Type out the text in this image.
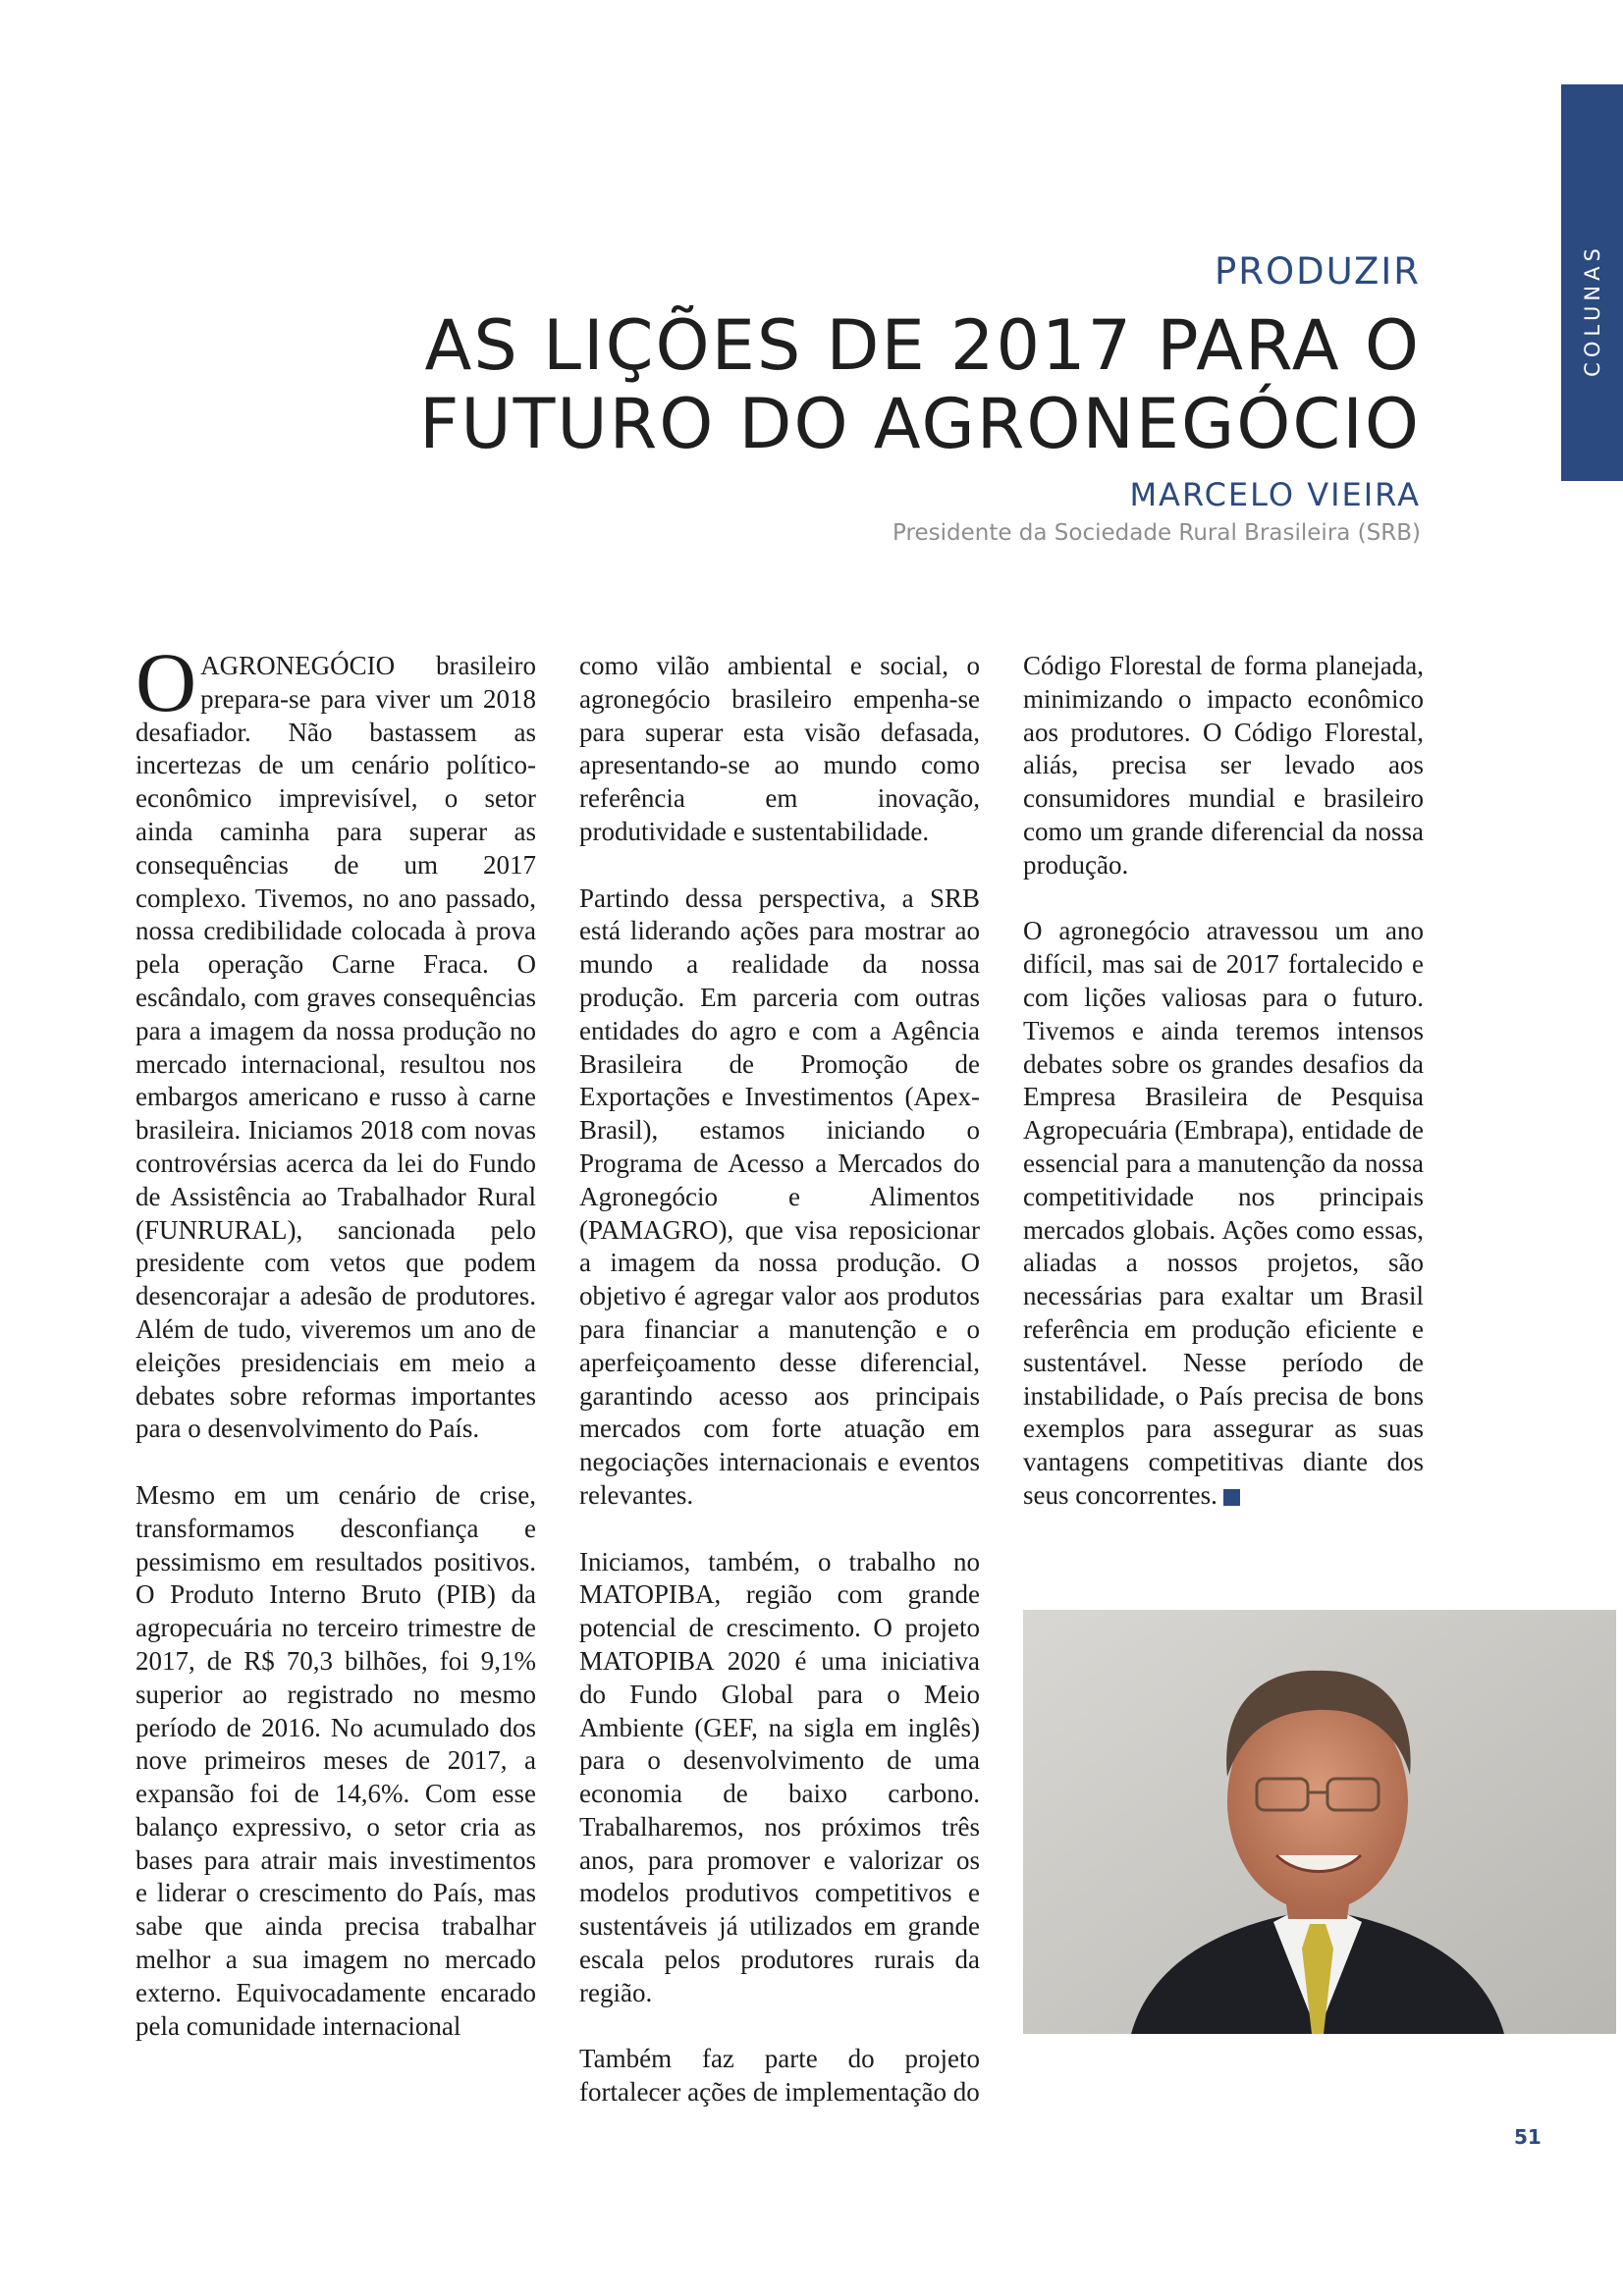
COLUNAS
PRODUZIR
AS LIÇÕES DE 2017 PARA O
FUTURO DO AGRONEGÓCIO
MARCELO VIEIRA
Presidente da Sociedade Rural Brasileira (SRB)

OAGRONEGÓCIO brasileiro prepara-se para viver um 2018 desafiador. Não bastassem as incertezas de um cenário político-econômico imprevisível, o setor ainda caminha para superar as consequências de um 2017 complexo. Tivemos, no ano passado, nossa credibilidade colocada à prova pela operação Carne Fraca. O escândalo, com graves consequências para a imagem da nossa produção no mercado internacional, resultou nos embargos americano e russo à carne brasileira. Iniciamos 2018 com novas controvérsias acerca da lei do Fundo de Assistência ao Trabalhador Rural (FUNRURAL), sancionada pelo presidente com vetos que podem desencorajar a adesão de produtores. Além de tudo, viveremos um ano de eleições presidenciais em meio a debates sobre reformas importantes para o desenvolvimento do País.

Mesmo em um cenário de crise, transformamos desconfiança e pessimismo em resultados positivos. O Produto Interno Bruto (PIB) da agropecuária no terceiro trimestre de 2017, de R$ 70,3 bilhões, foi 9,1% superior ao registrado no mesmo período de 2016. No acumulado dos nove primeiros meses de 2017, a expansão foi de 14,6%. Com esse balanço expressivo, o setor cria as bases para atrair mais investimentos e liderar o crescimento do País, mas sabe que ainda precisa trabalhar melhor a sua imagem no mercado externo. Equivocadamente encarado pela comunidade internacional

como vilão ambiental e social, o agronegócio brasileiro empenha-se para superar esta visão defasada, apresentando-se ao mundo como referência em inovação, produtividade e sustentabilidade.

Partindo dessa perspectiva, a SRB está liderando ações para mostrar ao mundo a realidade da nossa produção. Em parceria com outras entidades do agro e com a Agência Brasileira de Promoção de Exportações e Investimentos (Apex-Brasil), estamos iniciando o Programa de Acesso a Mercados do Agronegócio e Alimentos (PAMAGRO), que visa reposicionar a imagem da nossa produção. O objetivo é agregar valor aos produtos para financiar a manutenção e o aperfeiçoamento desse diferencial, garantindo acesso aos principais mercados com forte atuação em negociações internacionais e eventos relevantes.

Iniciamos, também, o trabalho no MATOPIBA, região com grande potencial de crescimento. O projeto MATOPIBA 2020 é uma iniciativa do Fundo Global para o Meio Ambiente (GEF, na sigla em inglês) para o desenvolvimento de uma economia de baixo carbono. Trabalharemos, nos próximos três anos, para promover e valorizar os modelos produtivos competitivos e sustentáveis já utilizados em grande escala pelos produtores rurais da região.

Também faz parte do projeto fortalecer ações de implementação do

Código Florestal de forma planejada, minimizando o impacto econômico aos produtores. O Código Florestal, aliás, precisa ser levado aos consumidores mundial e brasileiro como um grande diferencial da nossa produção.

O agronegócio atravessou um ano difícil, mas sai de 2017 fortalecido e com lições valiosas para o futuro. Tivemos e ainda teremos intensos debates sobre os grandes desafios da Empresa Brasileira de Pesquisa Agropecuária (Embrapa), entidade de essencial para a manutenção da nossa competitividade nos principais mercados globais. Ações como essas, aliadas a nossos projetos, são necessárias para exaltar um Brasil referência em produção eficiente e sustentável. Nesse período de instabilidade, o País precisa de bons exemplos para assegurar as suas vantagens competitivas diante dos seus concorrentes.

51
